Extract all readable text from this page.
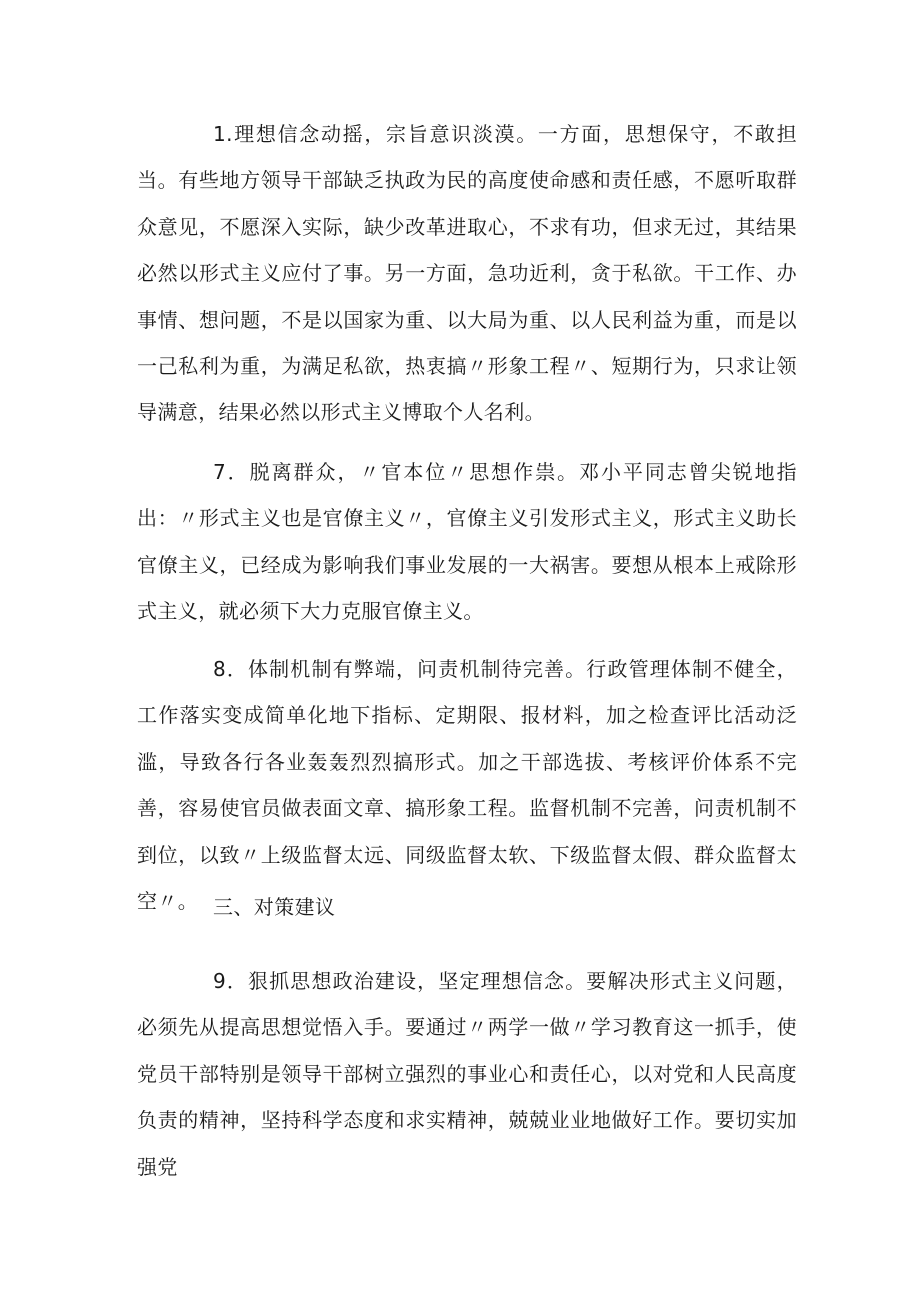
1.理想信念动摇，宗旨意识淡漠。一方面，思想保守，不敢担当。有些地方领导干部缺乏执政为民的高度使命感和责任感，不愿听取群众意见，不愿深入实际，缺少改革进取心，不求有功，但求无过，其结果必然以形式主义应付了事。另一方面，急功近利，贪于私欲。干工作、办事情、想问题，不是以国家为重、以大局为重、以人民利益为重，而是以一己私利为重，为满足私欲，热衷搞〃形象工程〃、短期行为，只求让领导满意，结果必然以形式主义博取个人名利。

7．脱离群众，〃官本位〃思想作祟。邓小平同志曾尖锐地指出：〃形式主义也是官僚主义〃，官僚主义引发形式主义，形式主义助长官僚主义，已经成为影响我们事业发展的一大祸害。要想从根本上戒除形式主义，就必须下大力克服官僚主义。

8．体制机制有弊端，问责机制待完善。行政管理体制不健全，工作落实变成简单化地下指标、定期限、报材料，加之检查评比活动泛滥，导致各行各业轰轰烈烈搞形式。加之干部选拔、考核评价体系不完善，容易使官员做表面文章、搞形象工程。监督机制不完善，问责机制不到位，以致〃上级监督太远、同级监督太软、下级监督太假、群众监督太空〃。 三、对策建议

9．狠抓思想政治建设，坚定理想信念。要解决形式主义问题，必须先从提高思想觉悟入手。要通过〃两学一做〃学习教育这一抓手，使党员干部特别是领导干部树立强烈的事业心和责任心，以对党和人民高度负责的精神，坚持科学态度和求实精神，兢兢业业地做好工作。要切实加强党
